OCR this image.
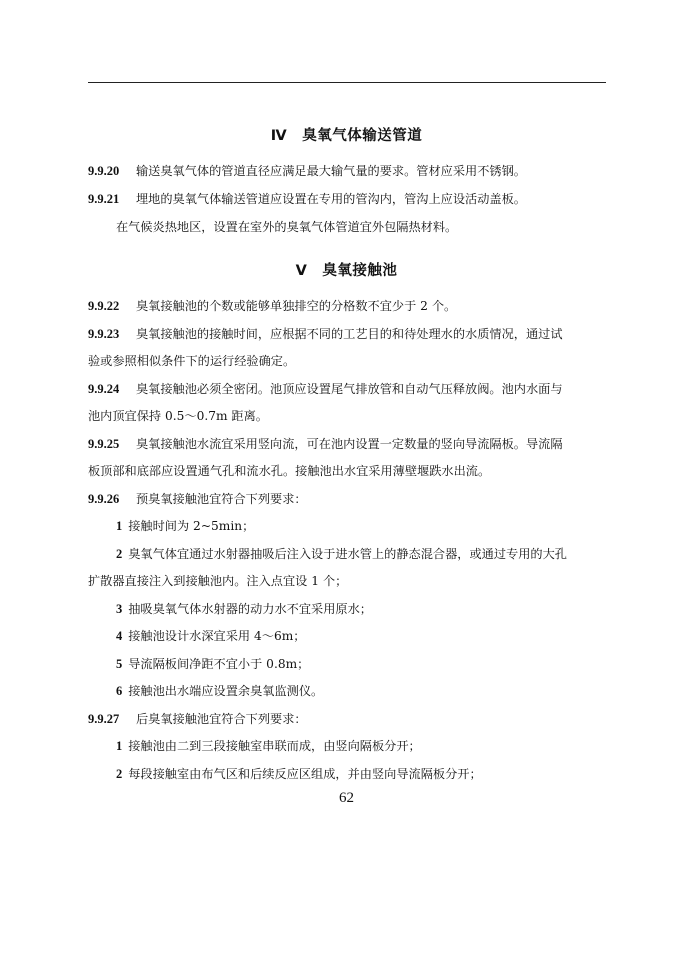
Ⅳ　臭氧气体输送管道
9.9.20 输送臭氧气体的管道直径应满足最大输气量的要求。管材应采用不锈钢。
9.9.21 埋地的臭氧气体输送管道应设置在专用的管沟内，管沟上应设活动盖板。
在气候炎热地区，设置在室外的臭氧气体管道宜外包隔热材料。
Ⅴ　臭氧接触池
9.9.22 臭氧接触池的个数或能够单独排空的分格数不宜少于 2 个。
9.9.23 臭氧接触池的接触时间，应根据不同的工艺目的和待处理水的水质情况，通过试
验或参照相似条件下的运行经验确定。
9.9.24 臭氧接触池必须全密闭。池顶应设置尾气排放管和自动气压释放阀。池内水面与
池内顶宜保持 0.5～0.7m 距离。
9.9.25 臭氧接触池水流宜采用竖向流，可在池内设置一定数量的竖向导流隔板。导流隔
板顶部和底部应设置通气孔和流水孔。接触池出水宜采用薄壁堰跌水出流。
9.9.26 预臭氧接触池宜符合下列要求：
1 接触时间为 2~5min；
2 臭氧气体宜通过水射器抽吸后注入设于进水管上的静态混合器，或通过专用的大孔
扩散器直接注入到接触池内。注入点宜设 1 个；
3 抽吸臭氧气体水射器的动力水不宜采用原水；
4 接触池设计水深宜采用 4～6m；
5 导流隔板间净距不宜小于 0.8m；
6 接触池出水端应设置余臭氧监测仪。
9.9.27 后臭氧接触池宜符合下列要求：
1 接触池由二到三段接触室串联而成，由竖向隔板分开；
2 每段接触室由布气区和后续反应区组成，并由竖向导流隔板分开；
62
